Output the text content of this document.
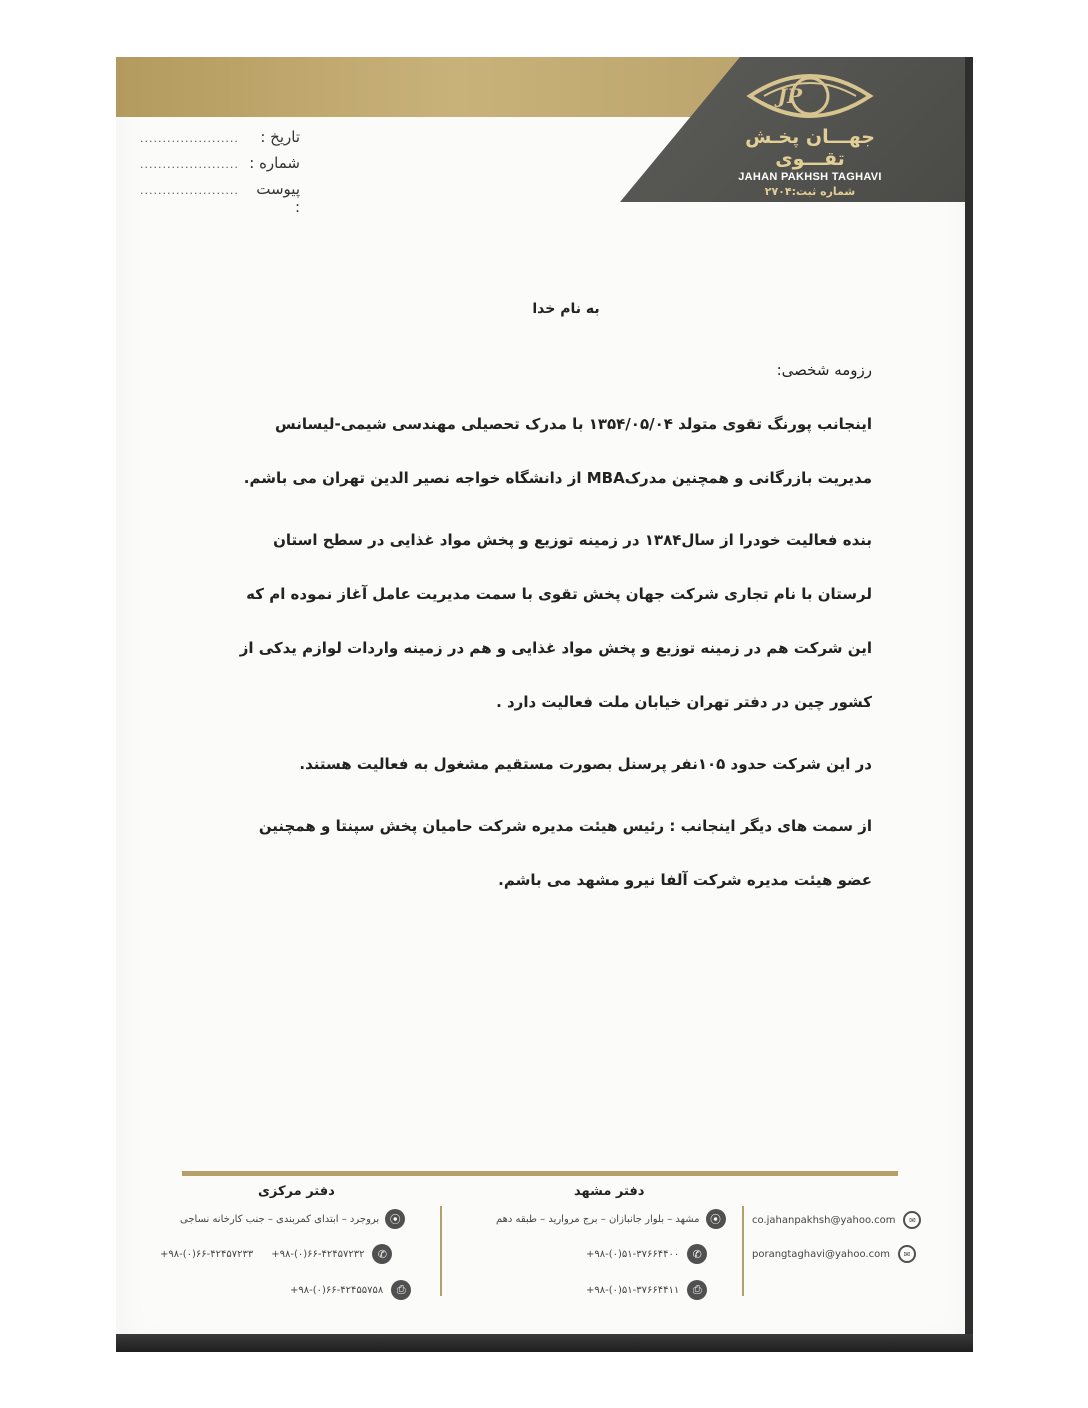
JP
جهـــان پخـش تقـــوی
JAHAN PAKHSH TAGHAVI
شماره ثبت:۲۷۰۴
تاریخ :
......................
شماره :
......................
پیوست :
......................
به نام خدا
رزومه شخصی:

اینجانب پورنگ تقوی متولد ۱۳۵۴/۰۵/۰۴ با مدرک تحصیلی مهندسی شیمی-لیسانس مدیریت بازرگانی و همچنین مدرکMBA از دانشگاه خواجه نصیر الدین تهران می باشم.

بنده فعالیت خودرا از سال۱۳۸۴ در زمینه توزیع و پخش مواد غذایی در سطح استان لرستان با نام تجاری شرکت جهان پخش تقوی با سمت مدیریت عامل آغاز نموده ام که این شرکت هم در زمینه توزیع و پخش مواد غذایی و هم در زمینه واردات لوازم یدکی از کشور چین در دفتر تهران خیابان ملت فعالیت دارد .

در این شرکت حدود ۱۰۵نفر پرسنل بصورت مستقیم مشغول به فعالیت هستند.

از سمت های دیگر اینجانب : رئیس هیئت مدیره شرکت حامیان پخش سپنتا و همچنین عضو هیئت مدیره شرکت آلفا نیرو مشهد می باشم.

دفتر مرکزی	دفتر مشهد
⦿
بروجرد – ابتدای کمربندی – جنب کارخانه نساجی
+۹۸-(۰)۶۶-۴۲۴۵۷۲۳۳ +۹۸-(۰)۶۶-۴۲۴۵۷۲۳۲	✆
+۹۸-(۰)۶۶-۴۲۴۵۵۷۵۸	⎙
⦿
مشهد – بلوار جانبازان – برج مروارید – طبقه دهم
+۹۸-(۰)۵۱-۳۷۶۶۴۴۰۰	✆
+۹۸-(۰)۵۱-۳۷۶۶۴۴۱۱	⎙
co.jahanpakhsh@yahoo.com	✉
porangtaghavi@yahoo.com	✉
